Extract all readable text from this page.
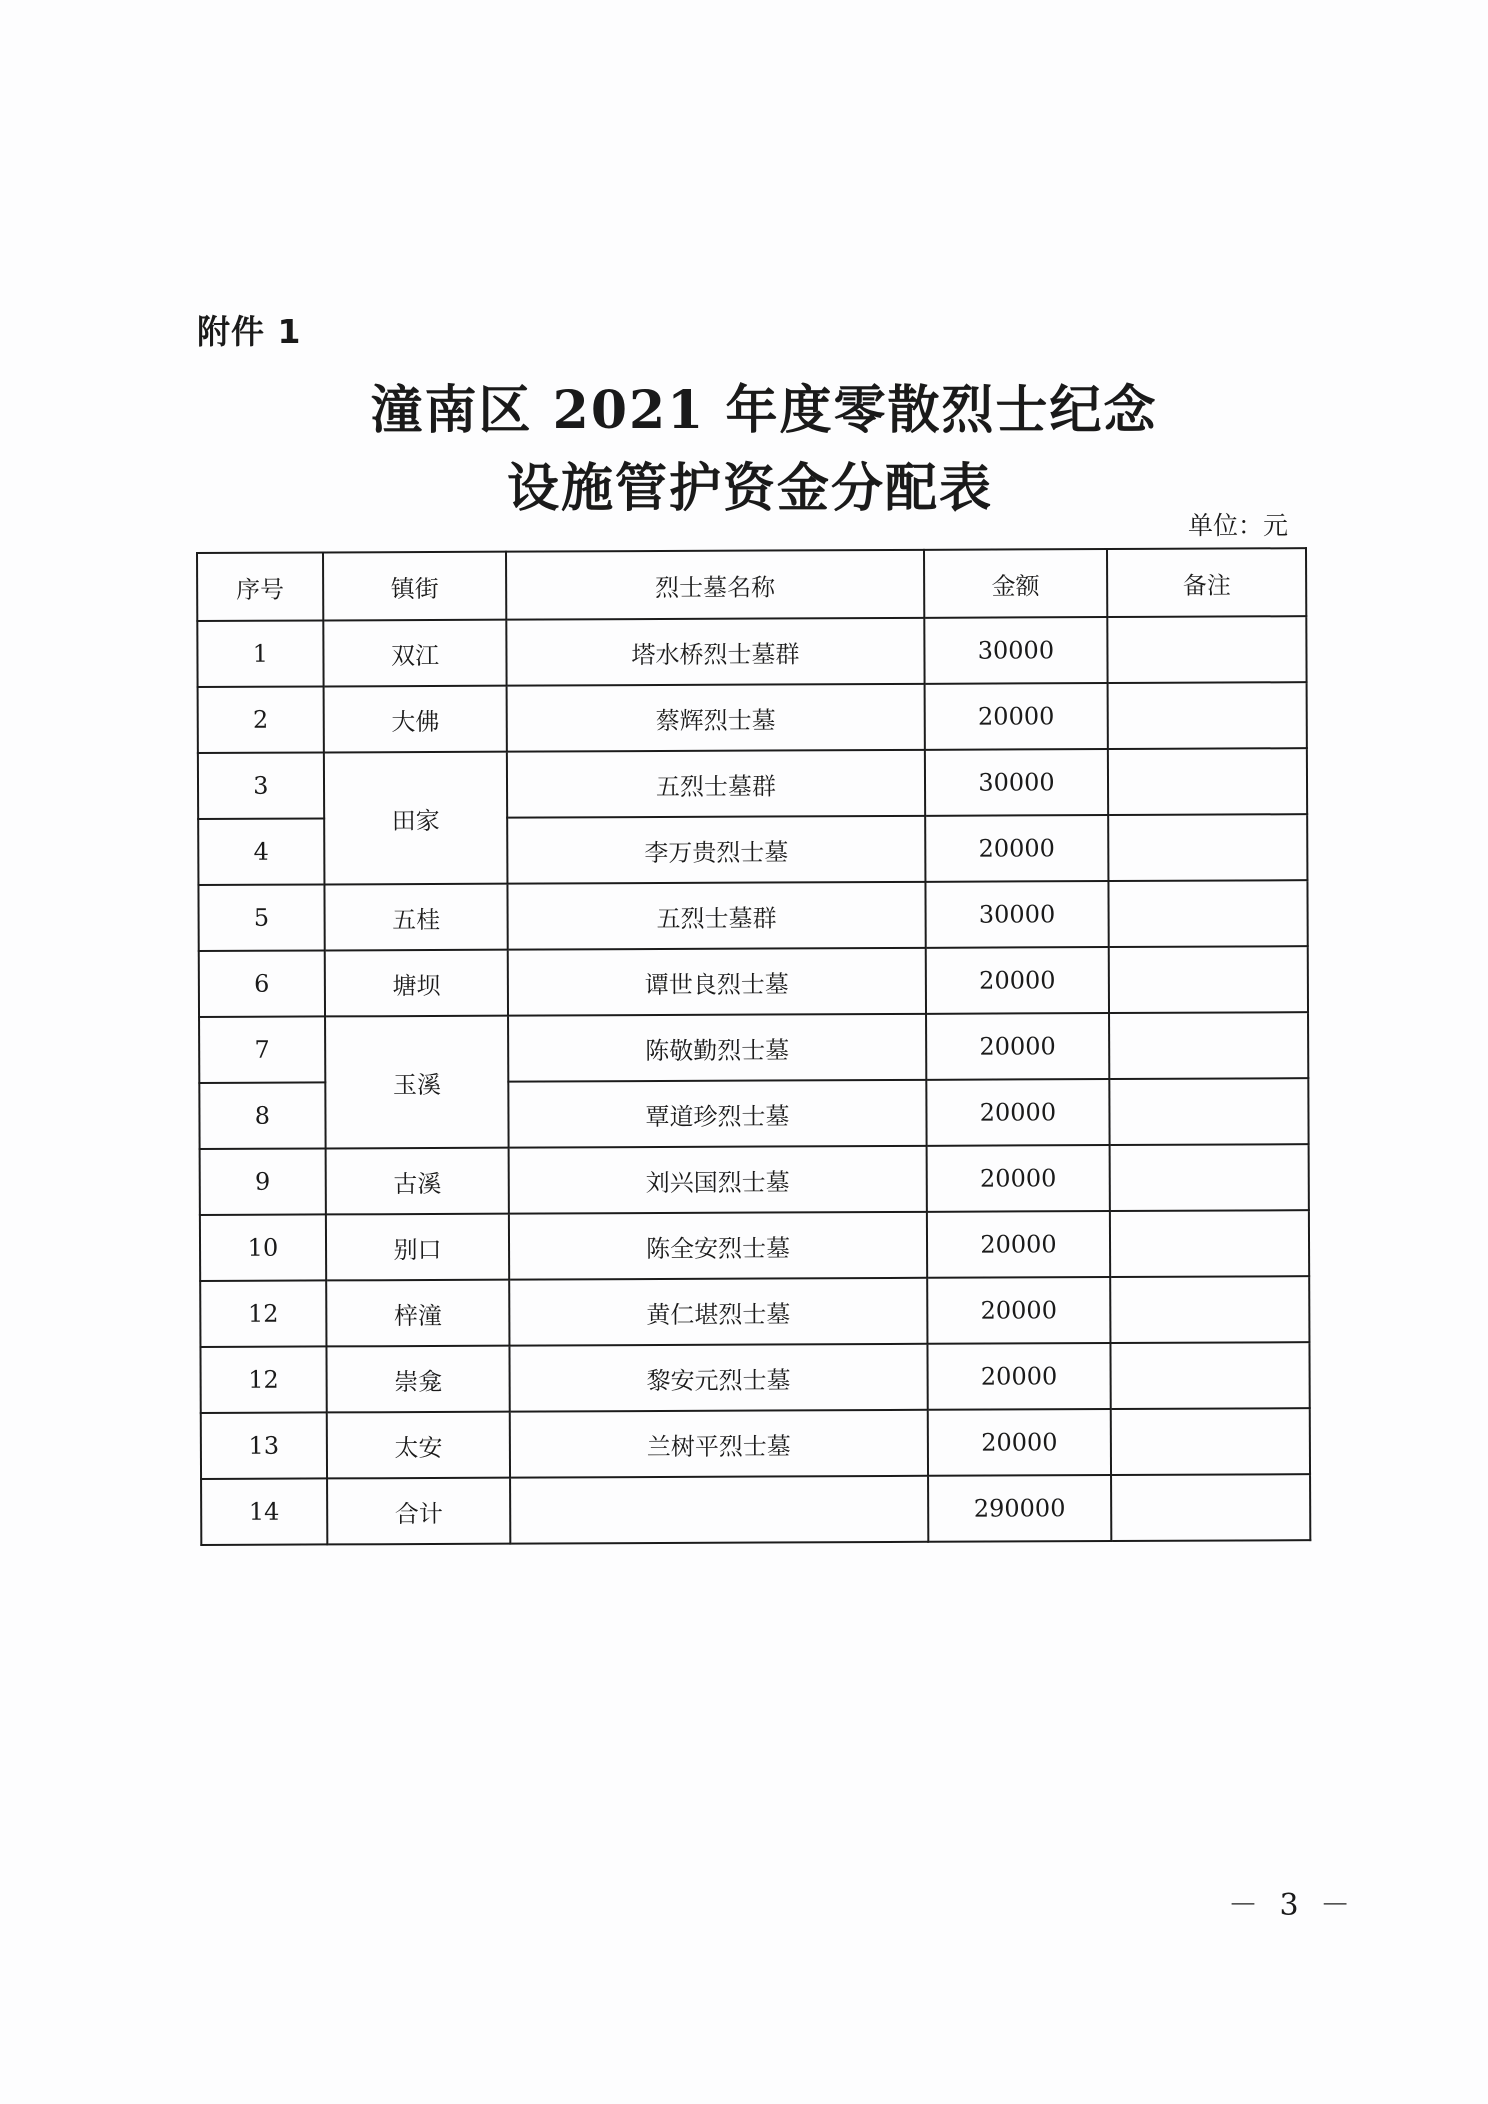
附件 1
潼南区 2021 年度零散烈士纪念
设施管护资金分配表
单位：元
序号	镇街	烈士墓名称	金额	备注
1	双江	塔水桥烈士墓群	30000	
2	大佛	蔡辉烈士墓	20000	
3	田家	五烈士墓群	30000	
4		李万贵烈士墓	20000	
5	五桂	五烈士墓群	30000	
6	塘坝	谭世良烈士墓	20000	
7	玉溪	陈敬勤烈士墓	20000	
8		覃道珍烈士墓	20000	
9	古溪	刘兴国烈士墓	20000	
10	别口	陈全安烈士墓	20000	
12	梓潼	黄仁堪烈士墓	20000	
12	崇龛	黎安元烈士墓	20000	
13	太安	兰树平烈士墓	20000	
14	合计		290000	
－ 3 －
